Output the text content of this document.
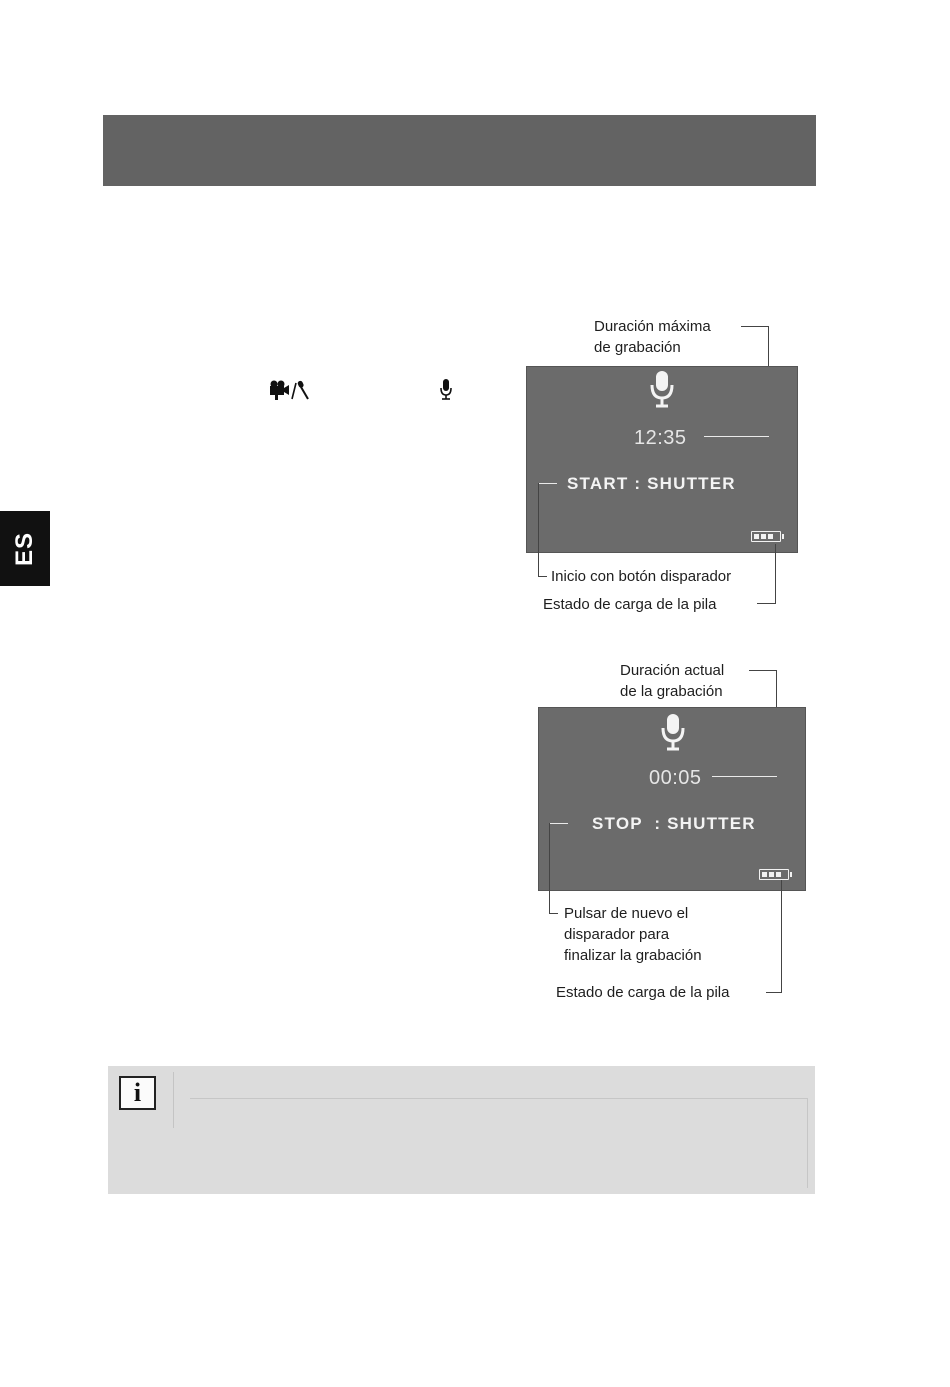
ES
Duración máxima
de grabación
12:35
START : SHUTTER
Inicio con botón disparador
Estado de carga de la pila
Duración actual
de la grabación
00:05
STOP  : SHUTTER
Pulsar de nuevo el
disparador para
finalizar la grabación
Estado de carga de la pila
i
